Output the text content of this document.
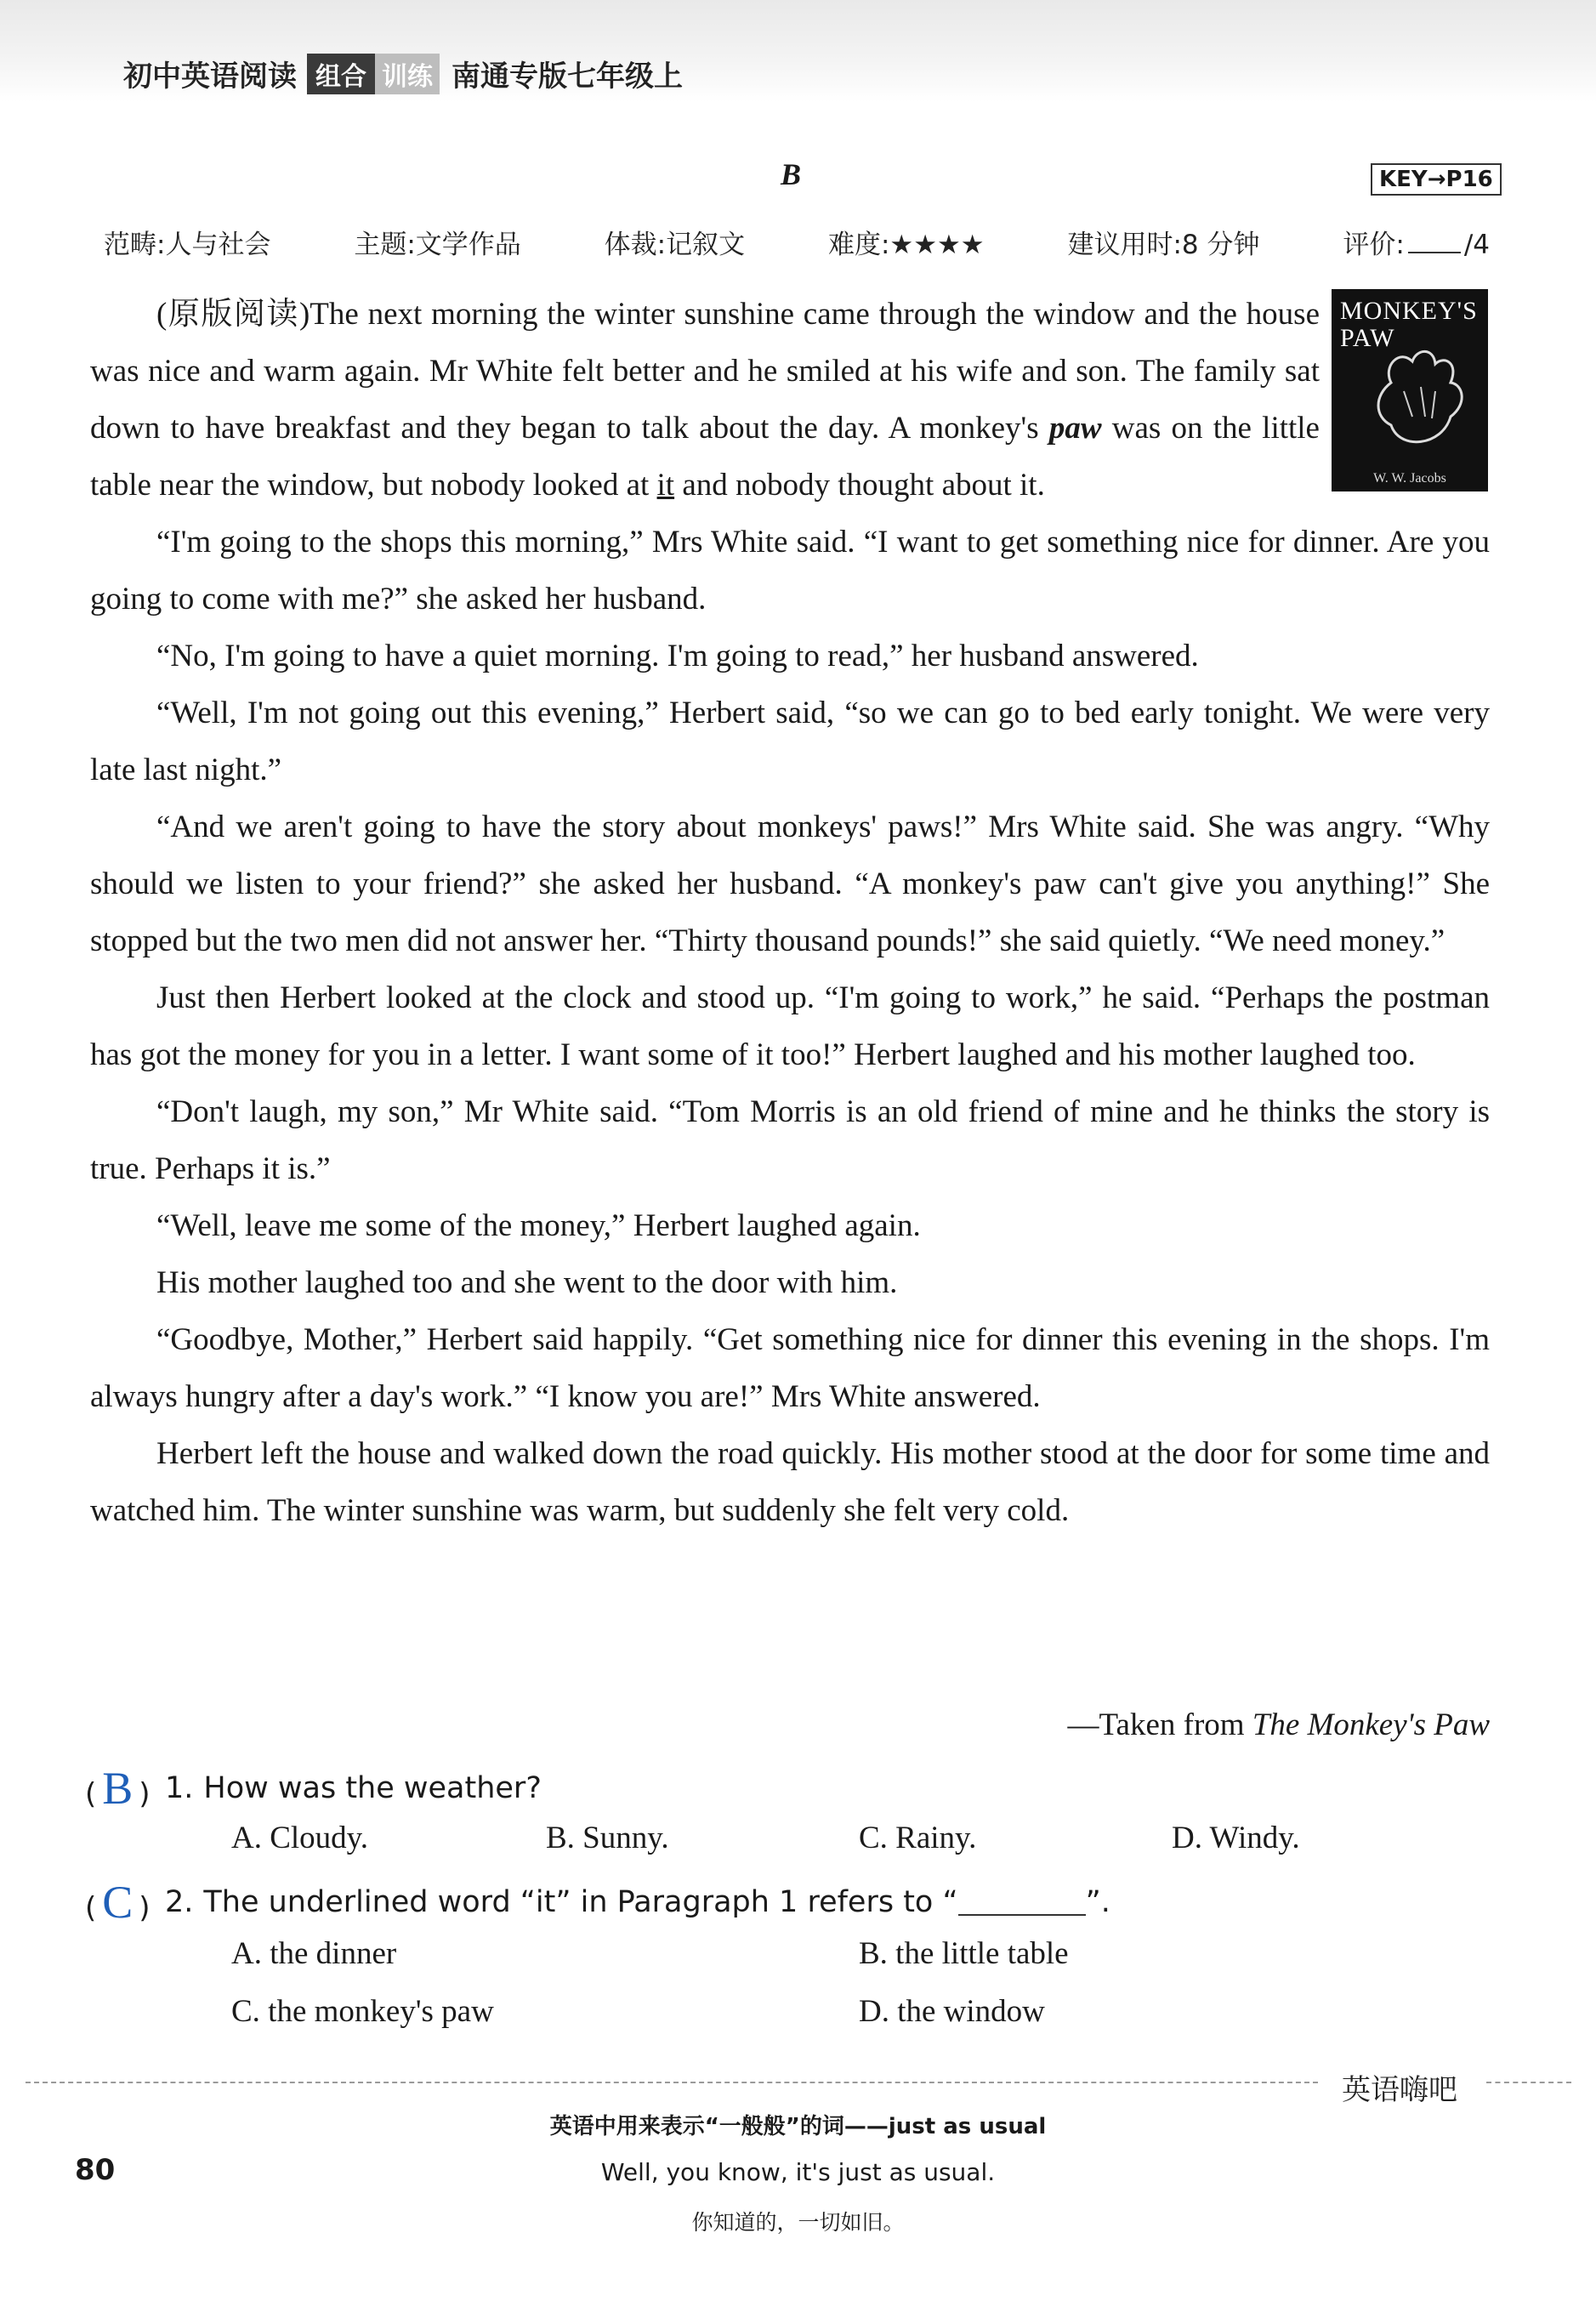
初中英语阅读 组合 训练 南通专版七年级上
B	KEY→P16
范畴:人与社会	主题:文学作品	体裁:记叙文	难度:★★★★	建议用时:8 分钟	评价: /4
MONKEY'S PAW
W. W. Jacobs

(原版阅读)The next morning the winter sunshine came through the window and the house was nice and warm again. Mr White felt better and he smiled at his wife and son. The family sat down to have breakfast and they began to talk about the day. A monkey's paw was on the little table near the window, but nobody looked at it and nobody thought about it.

“I'm going to the shops this morning,” Mrs White said. “I want to get something nice for dinner. Are you going to come with me?” she asked her husband.

“No, I'm going to have a quiet morning. I'm going to read,” her husband answered.

“Well, I'm not going out this evening,” Herbert said, “so we can go to bed early tonight. We were very late last night.”

“And we aren't going to have the story about monkeys' paws!” Mrs White said. She was angry. “Why should we listen to your friend?” she asked her husband. “A monkey's paw can't give you anything!” She stopped but the two men did not answer her. “Thirty thousand pounds!” she said quietly. “We need money.”

Just then Herbert looked at the clock and stood up. “I'm going to work,” he said. “Perhaps the postman has got the money for you in a letter. I want some of it too!” Herbert laughed and his mother laughed too.

“Don't laugh, my son,” Mr White said. “Tom Morris is an old friend of mine and he thinks the story is true. Perhaps it is.”

“Well, leave me some of the money,” Herbert laughed again.

His mother laughed too and she went to the door with him.

“Goodbye, Mother,” Herbert said happily. “Get something nice for dinner this evening in the shops. I'm always hungry after a day's work.” “I know you are!” Mrs White answered.

Herbert left the house and walked down the road quickly. His mother stood at the door for some time and watched him. The winter sunshine was warm, but suddenly she felt very cold.

—Taken from The Monkey's Paw
( B ) 1. How was the weather?
A. Cloudy.	B. Sunny.	C. Rainy.	D. Windy.
( C ) 2. The underlined word “it” in Paragraph 1 refers to “	”.
A. the dinner	B. the little table
C. the monkey's paw	D. the window
英语嗨吧
英语中用来表示“一般般”的词——just as usual
80	Well, you know, it's just as usual.
你知道的，一切如旧。
